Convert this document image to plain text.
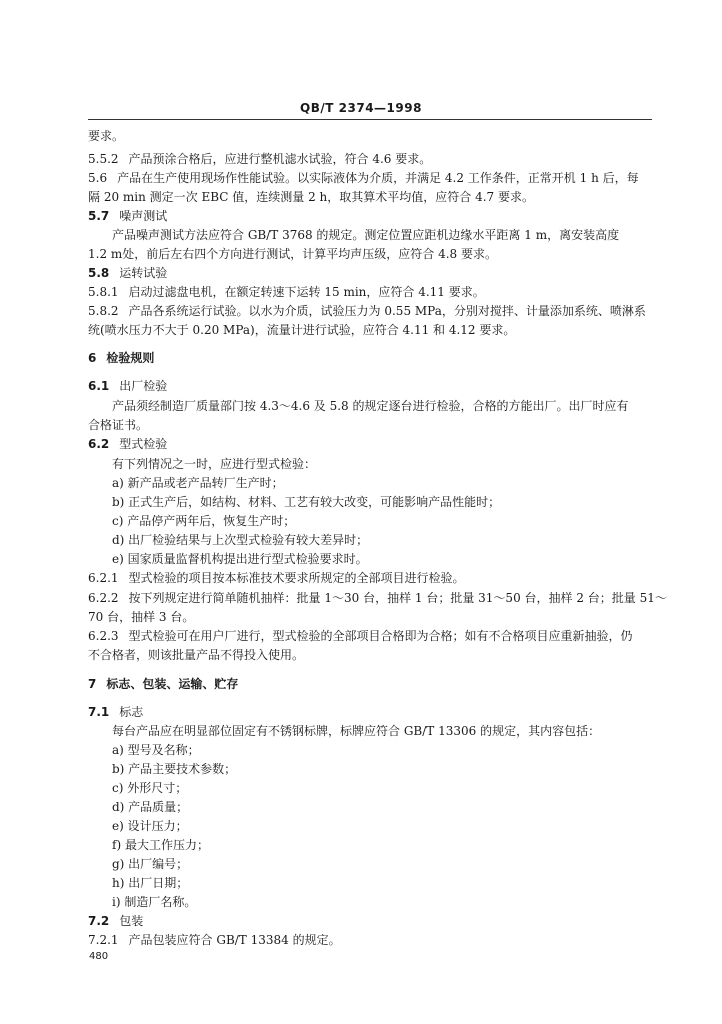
QB/T 2374—1998
要求。
5.5.2 产品预涂合格后，应进行整机滤水试验，符合 4.6 要求。
5.6 产品在生产使用现场作性能试验。以实际液体为介质，并满足 4.2 工作条件，正常开机 1 h 后，每
隔 20 min 测定一次 EBC 值，连续测量 2 h，取其算术平均值，应符合 4.7 要求。
5.7 噪声测试
产品噪声测试方法应符合 GB/T 3768 的规定。测定位置应距机边缘水平距离 1 m，离安装高度
1.2 m处，前后左右四个方向进行测试，计算平均声压级，应符合 4.8 要求。
5.8 运转试验
5.8.1 启动过滤盘电机，在额定转速下运转 15 min，应符合 4.11 要求。
5.8.2 产品各系统运行试验。以水为介质，试验压力为 0.55 MPa，分别对搅拌、计量添加系统、喷淋系
统(喷水压力不大于 0.20 MPa)，流量计进行试验，应符合 4.11 和 4.12 要求。
6 检验规则
6.1 出厂检验
产品须经制造厂质量部门按 4.3～4.6 及 5.8 的规定逐台进行检验，合格的方能出厂。出厂时应有
合格证书。
6.2 型式检验
有下列情况之一时，应进行型式检验：
a) 新产品或老产品转厂生产时；
b) 正式生产后，如结构、材料、工艺有较大改变，可能影响产品性能时；
c) 产品停产两年后，恢复生产时；
d) 出厂检验结果与上次型式检验有较大差异时；
e) 国家质量监督机构提出进行型式检验要求时。
6.2.1 型式检验的项目按本标准技术要求所规定的全部项目进行检验。
6.2.2 按下列规定进行简单随机抽样：批量 1～30 台，抽样 1 台；批量 31～50 台，抽样 2 台；批量 51～
70 台，抽样 3 台。
6.2.3 型式检验可在用户厂进行，型式检验的全部项目合格即为合格；如有不合格项目应重新抽验，仍
不合格者，则该批量产品不得投入使用。
7 标志、包装、运输、贮存
7.1 标志
每台产品应在明显部位固定有不锈钢标牌，标牌应符合 GB/T 13306 的规定，其内容包括：
a) 型号及名称；
b) 产品主要技术参数；
c) 外形尺寸；
d) 产品质量；
e) 设计压力；
f) 最大工作压力；
g) 出厂编号；
h) 出厂日期；
i) 制造厂名称。
7.2 包装
7.2.1 产品包装应符合 GB/T 13384 的规定。
480
